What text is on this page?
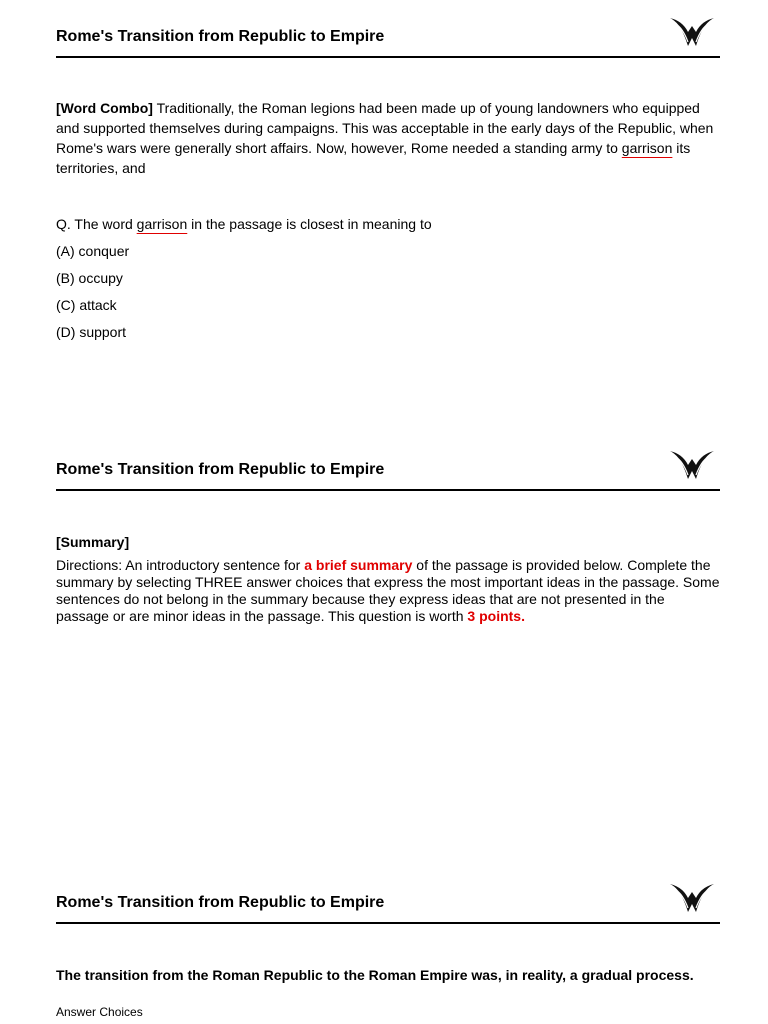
Rome's Transition from Republic to Empire

[Word Combo] Traditionally, the Roman legions had been made up of young landowners who equipped and supported themselves during campaigns. This was acceptable in the early days of the Republic, when Rome's wars were generally short affairs. Now, however, Rome needed a standing army to garrison its territories, and

Q. The word garrison in the passage is closest in meaning to

(A) conquer
(B) occupy
(C) attack
(D) support
Rome's Transition from Republic to Empire
[Summary]

Directions: An introductory sentence for a brief summary of the passage is provided below. Complete the summary by selecting THREE answer choices that express the most important ideas in the passage. Some sentences do not belong in the summary because they express ideas that are not presented in the passage or are minor ideas in the passage. This question is worth 3 points.

Rome's Transition from Republic to Empire
The transition from the Roman Republic to the Roman Empire was, in reality, a gradual process.
Answer Choices
